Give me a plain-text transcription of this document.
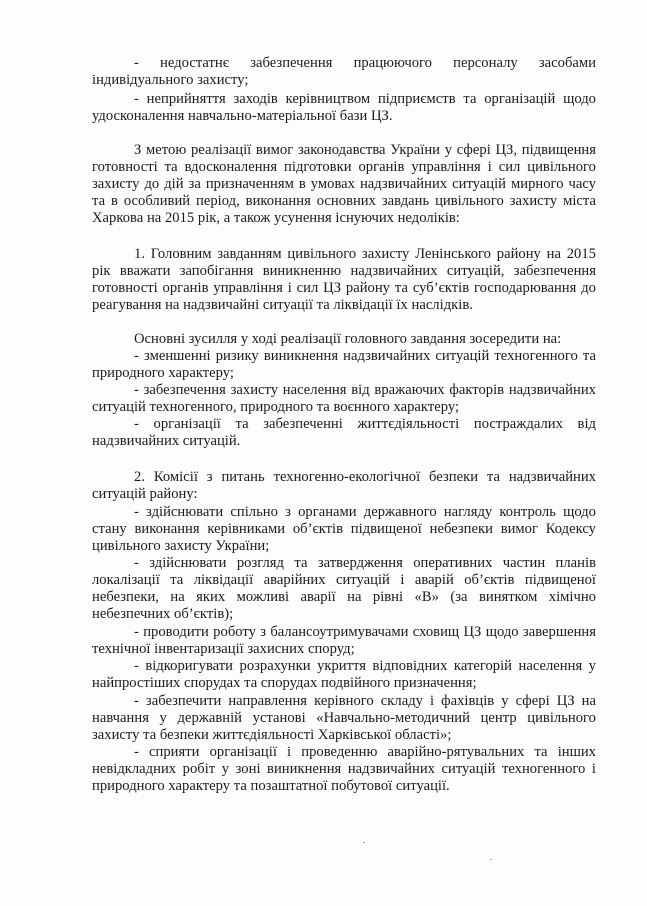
- недостатнє забезпечення працюючого персоналу засобами індивідуального захисту;

- неприйняття заходів керівництвом підприємств та організацій щодо удосконалення навчально-матеріальної бази ЦЗ.

З метою реалізації вимог законодавства України у сфері ЦЗ, підвищення готовності та вдосконалення підготовки органів управління і сил цивільного захисту до дій за призначенням в умовах надзвичайних ситуацій мирного часу та в особливий період, виконання основних завдань цивільного захисту міста Харкова на 2015 рік, а також усунення існуючих недоліків:

1. Головним завданням цивільного захисту Ленінського району на 2015 рік вважати запобігання виникненню надзвичайних ситуацій, забезпечення готовності органів управління і сил ЦЗ району та суб’єктів господарювання до реагування на надзвичайні ситуації та ліквідації їх наслідків.

Основні зусилля у ході реалізації головного завдання зосередити на:

- зменшенні ризику виникнення надзвичайних ситуацій техногенного та природного характеру;

- забезпечення захисту населення від вражаючих факторів надзвичайних ситуацій техногенного, природного та воєнного характеру;

- організації та забезпеченні життєдіяльності постраждалих від надзвичайних ситуацій.

2. Комісії з питань техногенно-екологічної безпеки та надзвичайних ситуацій району:

- здійснювати спільно з органами державного нагляду контроль щодо стану виконання керівниками об’єктів підвищеної небезпеки вимог Кодексу цивільного захисту України;

- здійснювати розгляд та затвердження оперативних частин планів локалізації та ліквідації аварійних ситуацій і аварій об’єктів підвищеної небезпеки, на яких можливі аварії на рівні «В» (за винятком хімічно небезпечних об’єктів);

- проводити роботу з балансоутримувачами сховищ ЦЗ щодо завершення технічної інвентаризації захисних споруд;

- відкоригувати розрахунки укриття відповідних категорій населення у найпростіших спорудах та спорудах подвійного призначення;

- забезпечити направлення керівного складу і фахівців у сфері ЦЗ на навчання у державній установі «Навчально-методичний центр цивільного захисту та безпеки життєдіяльності Харківської області»;

- сприяти організації і проведенню аварійно-рятувальних та інших невідкладних робіт у зоні виникнення надзвичайних ситуацій техногенного і природного характеру та позаштатної побутової ситуації.
